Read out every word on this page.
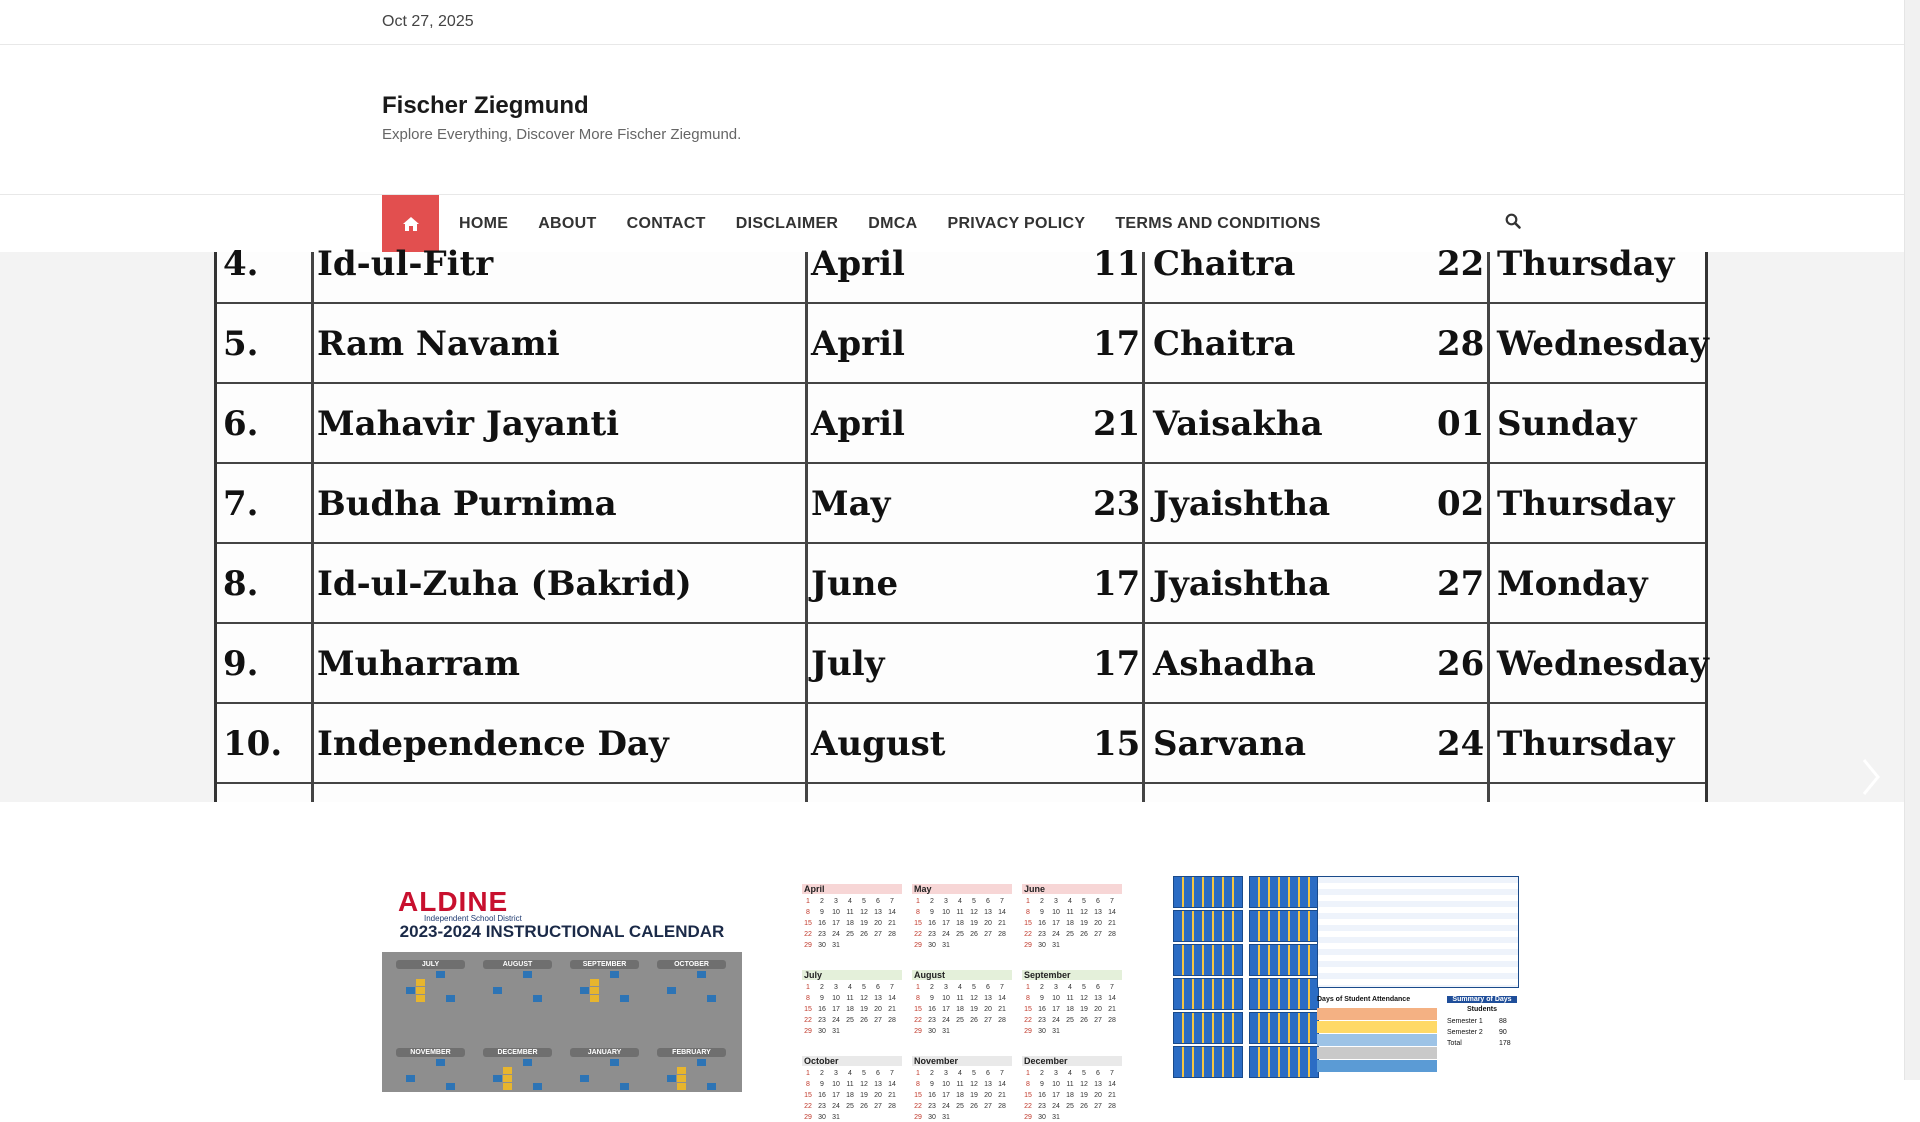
Oct 27, 2025
Fischer Ziegmund
Explore Everything, Discover More Fischer Ziegmund.
HOME ABOUT CONTACT DISCLAIMER DMCA PRIVACY POLICY TERMS AND CONDITIONS
4. Id-ul-Fitr	April	11 Chaitra	22 Thursday
5. Ram Navami	April	17 Chaitra	28 Wednesday
6. Mahavir Jayanti	April	21 Vaisakha	01 Sunday
7. Budha Purnima	May	23 Jyaishtha	02 Thursday
8. Id-ul-Zuha (Bakrid)	June	17 Jyaishtha	27 Monday
9. Muharram	July	17 Ashadha	26 Wednesday
10. Independence Day	August	15 Sarvana	24 Thursday
ALDINE
Independent School District
2023-2024 INSTRUCTIONAL CALENDAR
JULY	AUGUST	SEPTEMBER	OCTOBER
NOVEMBER	DECEMBER	JANUARY	FEBRUARY
April
1	2	3	4	5	6	7
8	9	10 11 12 13 14
15 16 17 18 19 20 21
22 23 24 25 26 27 28
29 30 31
May
1	2	3	4	5	6	7
8	9	10 11 12 13 14
15 16 17 18 19 20 21
22 23 24 25 26 27 28
29 30 31
June
1	2	3	4	5	6	7
8	9	10 11 12 13 14
15 16 17 18 19 20 21
22 23 24 25 26 27 28
29 30 31
July
1	2	3	4	5	6	7
8	9	10 11 12 13 14
15 16 17 18 19 20 21
22 23 24 25 26 27 28
29 30 31
August
1	2	3	4	5	6	7
8	9	10 11 12 13 14
15 16 17 18 19 20 21
22 23 24 25 26 27 28
29 30 31
September
1	2	3	4	5	6	7
8	9	10 11 12 13 14
15 16 17 18 19 20 21
22 23 24 25 26 27 28
29 30 31
October
1	2	3	4	5	6	7
8	9	10 11 12 13 14
15 16 17 18 19 20 21
22 23 24 25 26 27 28
29 30 31
November
1	2	3	4	5	6	7
8	9	10 11 12 13 14
15 16 17 18 19 20 21
22 23 24 25 26 27 28
29 30 31
December
1	2	3	4	5	6	7
8	9	10 11 12 13 14
15 16 17 18 19 20 21
22 23 24 25 26 27 28
29 30 31
Days of Student Attendance	Summary of Days
Students
Semester 1 88
Semester 2 90
Total	178
